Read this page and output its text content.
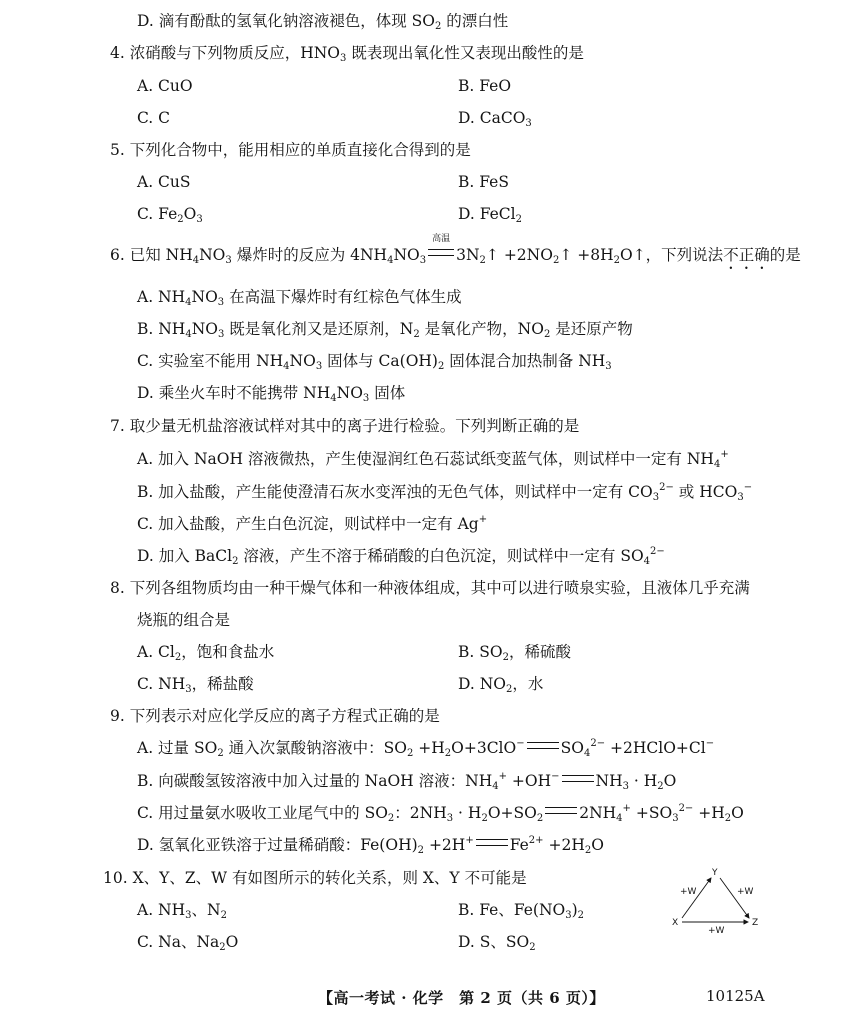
D. 滴有酚酞的氢氧化钠溶液褪色，体现 $SO_2$ 的漂白性
4. 浓硝酸与下列物质反应，$HNO_3$ 既表现出氧化性又表现出酸性的是
A. CuO	B. FeO
C. C	D. CaCO$_3$
5. 下列化合物中，能用相应的单质直接化合得到的是
A. CuS	B. FeS
C. $Fe_2O_3$	D. FeCl$_2$
6. 已知 $NH_4NO_3$ 爆炸时的反应为 $4NH_4NO_3$
高温
$3N_2↑$ $+2NO_2↑$ $+8H_2O↑$，下列说法不正确的是
A. $NH_4NO_3$ 在高温下爆炸时有红棕色气体生成
B. $NH_4NO_3$ 既是氧化剂又是还原剂，$N_2$ 是氧化产物，$NO_2$ 是还原产物
C. 实验室不能用 $NH_4NO_3$ 固体与 $Ca(OH)_2$ 固体混合加热制备 $NH_3$
D. 乘坐火车时不能携带 $NH_4NO_3$ 固体
7. 取少量无机盐溶液试样对其中的离子进行检验。下列判断正确的是
A. 加入 NaOH 溶液微热，产生使湿润红色石蕊试纸变蓝气体，则试样中一定有 $NH_4^+$
B. 加入盐酸，产生能使澄清石灰水变浑浊的无色气体，则试样中一定有 $CO_3^{2-}$ 或 $HCO_3^-$
C. 加入盐酸，产生白色沉淀，则试样中一定有 Ag+
D. 加入 BaCl$_2$ 溶液，产生不溶于稀硝酸的白色沉淀，则试样中一定有 $SO_4^{2-}$
8. 下列各组物质均由一种干燥气体和一种液体组成，其中可以进行喷泉实验，且液体几乎充满
烧瓶的组合是
A. $Cl_2$，饱和食盐水	B. $SO_2$，稀硫酸
C. $NH_3$，稀盐酸	D. $NO_2$，水
9. 下列表示对应化学反应的离子方程式正确的是
A. 过量 $SO_2$ 通入次氯酸钠溶液中：$SO_2 +H_2O+3ClO^-$ $SO_4^{2-}$ +2HClO+Cl−
B. 向碳酸氢铵溶液中加入过量的 NaOH 溶液：$NH_4^+ +OH^-$ $NH_3 \cdot H_2O$
C. 用过量氨水吸收工业尾气中的 $SO_2$：$2NH_3 \cdot H_2O+SO_2$ $2NH_4^+ +SO_3^{2-} +H_2O$
D. 氢氧化亚铁溶于过量稀硝酸：$Fe(OH)_2 +2H^+$ $Fe^{2+} +2H_2O$
10. X、Y、Z、W 有如图所示的转化关系，则 X、Y 不可能是
A. $NH_3$、$N_2$	B. Fe、$Fe(NO_3)_2$
C. Na、$Na_2O$	D. S、$SO_2$
Y
X	Z
+W	+W
+W
【高一考试 · 化学　第 2 页（共 6 页）】	10125A
